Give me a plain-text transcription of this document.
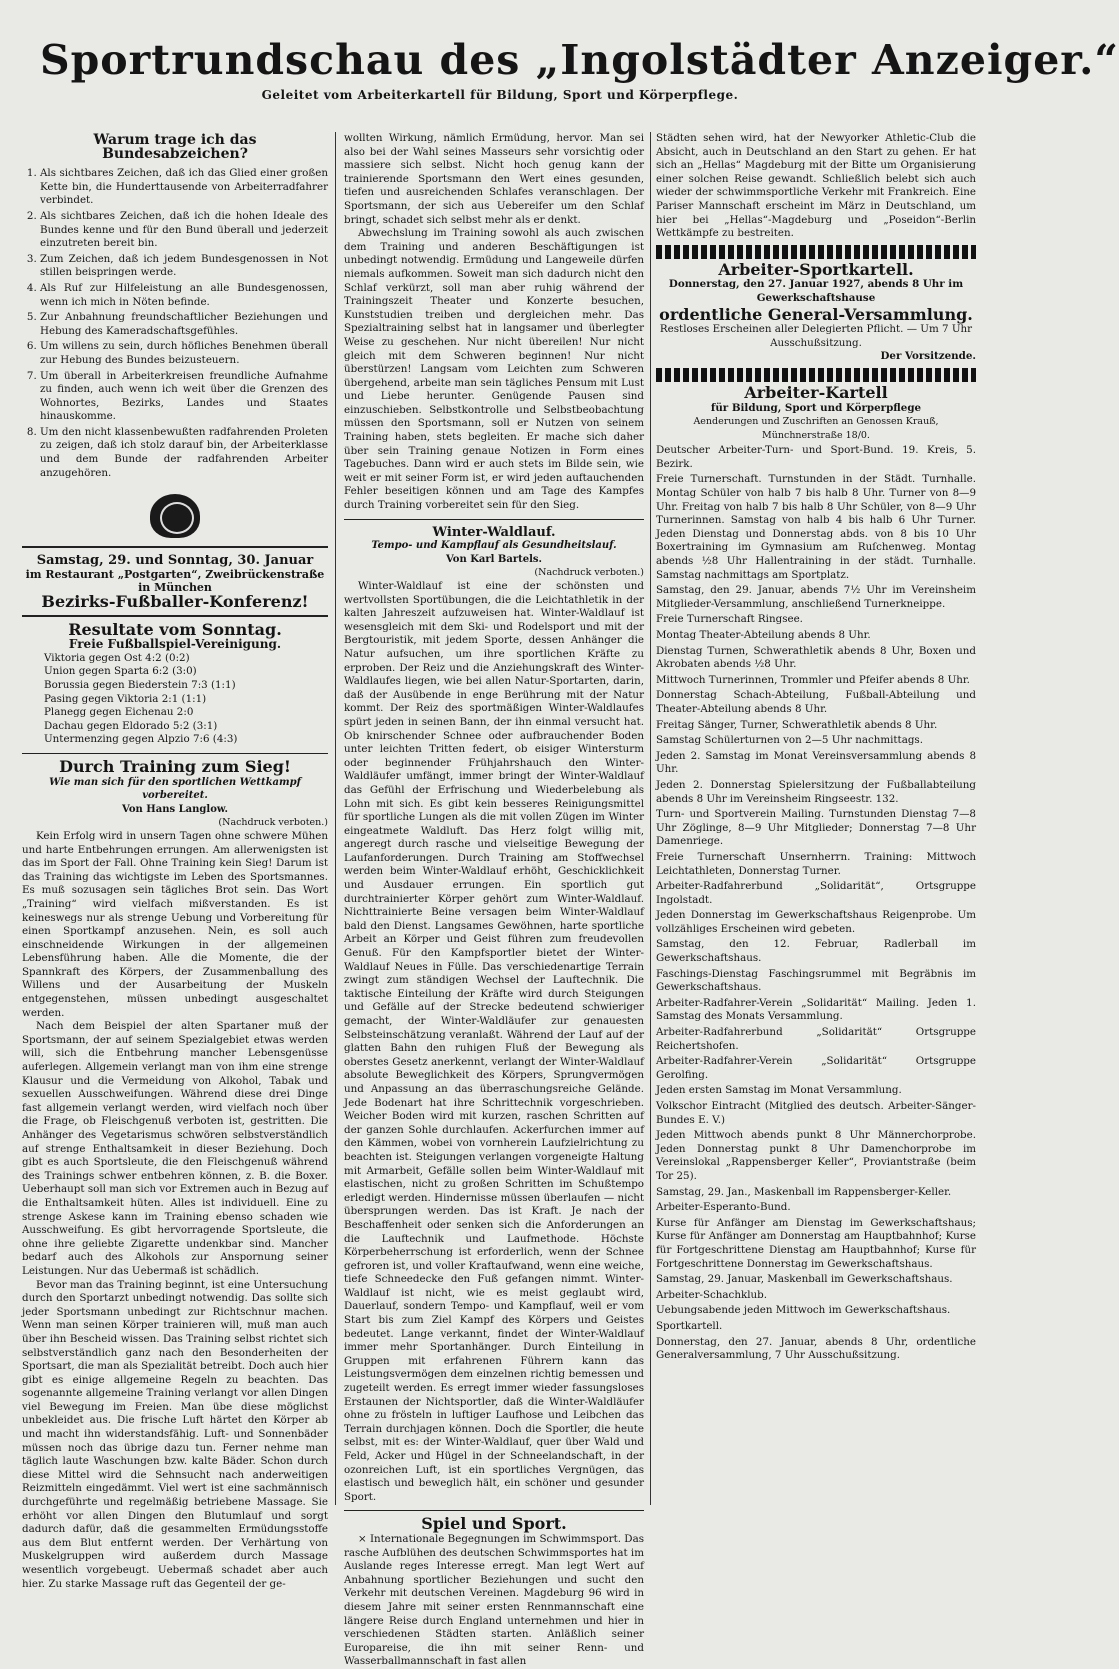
Sportrundschau des „Ingolstädter Anzeiger.“
Geleitet vom Arbeiterkartell für Bildung, Sport und Körperpflege.
Warum trage ich das Bundesabzeichen?
1. Als sichtbares Zeichen, daß ich das Glied einer großen Kette bin, die Hunderttausende von Arbeiterradfahrer verbindet.
2. Als sichtbares Zeichen, daß ich die hohen Ideale des Bundes kenne und für den Bund überall und jederzeit einzutreten bereit bin.
3. Zum Zeichen, daß ich jedem Bundesgenossen in Not stillen beispringen werde.
4. Als Ruf zur Hilfeleistung an alle Bundesgenossen, wenn ich mich in Nöten befinde.
5. Zur Anbahnung freundschaftlicher Beziehungen und Hebung des Kameradschaftsgefühles.
6. Um willens zu sein, durch höfliches Benehmen überall zur Hebung des Bundes beizusteuern.
7. Um überall in Arbeiterkreisen freundliche Aufnahme zu finden, auch wenn ich weit über die Grenzen des Wohnortes, Bezirks, Landes und Staates hinauskomme.
8. Um den nicht klassenbewußten radfahrenden Proleten zu zeigen, daß ich stolz darauf bin, der Arbeiterklasse und dem Bunde der radfahrenden Arbeiter anzugehören.
Samstag, 29. und Sonntag, 30. Januar
im Restaurant „Postgarten“, Zweibrückenstraße in München
Bezirks-Fußballer-Konferenz!
Resultate vom Sonntag.
Freie Fußballspiel-Vereinigung.
Viktoria gegen Ost 4:2 (0:2)
Union gegen Sparta 6:2 (3:0)
Borussia gegen Biederstein 7:3 (1:1)
Pasing gegen Viktoria 2:1 (1:1)
Planegg gegen Eichenau 2:0
Dachau gegen Eldorado 5:2 (3:1)
Untermenzing gegen Alpzio 7:6 (4:3)
Durch Training zum Sieg!
Wie man sich für den sportlichen Wettkampf vorbereitet.
Von Hans Langlow.
(Nachdruck verboten.)

Kein Erfolg wird in unsern Tagen ohne schwere Mühen und harte Entbehrungen errungen. Am allerwenigsten ist das im Sport der Fall. Ohne Training kein Sieg! Darum ist das Training das wichtigste im Leben des Sportsmannes. Es muß sozusagen sein tägliches Brot sein. Das Wort „Training“ wird vielfach mißverstanden. Es ist keineswegs nur als strenge Uebung und Vorbereitung für einen Sportkampf anzusehen. Nein, es soll auch einschneidende Wirkungen in der allgemeinen Lebensführung haben. Alle die Momente, die der Spannkraft des Körpers, der Zusammenballung des Willens und der Ausarbeitung der Muskeln entgegenstehen, müssen unbedingt ausgeschaltet werden.

Nach dem Beispiel der alten Spartaner muß der Sportsmann, der auf seinem Spezialgebiet etwas werden will, sich die Entbehrung mancher Lebensgenüsse auferlegen. Allgemein verlangt man von ihm eine strenge Klausur und die Vermeidung von Alkohol, Tabak und sexuellen Ausschweifungen. Während diese drei Dinge fast allgemein verlangt werden, wird vielfach noch über die Frage, ob Fleischgenuß verboten ist, gestritten. Die Anhänger des Vegetarismus schwören selbstverständlich auf strenge Enthaltsamkeit in dieser Beziehung. Doch gibt es auch Sportsleute, die den Fleischgenuß während des Trainings schwer entbehren können, z. B. die Boxer. Ueberhaupt soll man sich vor Extremen auch in Bezug auf die Enthaltsamkeit hüten. Alles ist individuell. Eine zu strenge Askese kann im Training ebenso schaden wie Ausschweifung. Es gibt hervorragende Sportsleute, die ohne ihre geliebte Zigarette undenkbar sind. Mancher bedarf auch des Alkohols zur Anspornung seiner Leistungen. Nur das Uebermaß ist schädlich.

Bevor man das Training beginnt, ist eine Untersuchung durch den Sportarzt unbedingt notwendig. Das sollte sich jeder Sportsmann unbedingt zur Richtschnur machen. Wenn man seinen Körper trainieren will, muß man auch über ihn Bescheid wissen. Das Training selbst richtet sich selbstverständlich ganz nach den Besonderheiten der Sportsart, die man als Spezialität betreibt. Doch auch hier gibt es einige allgemeine Regeln zu beachten. Das sogenannte allgemeine Training verlangt vor allen Dingen viel Bewegung im Freien. Man übe diese möglichst unbekleidet aus. Die frische Luft härtet den Körper ab und macht ihn widerstandsfähig. Luft- und Sonnenbäder müssen noch das übrige dazu tun. Ferner nehme man täglich laute Waschungen bzw. kalte Bäder. Schon durch diese Mittel wird die Sehnsucht nach anderweitigen Reizmitteln eingedämmt. Viel wert ist eine sachmännisch durchgeführte und regelmäßig betriebene Massage. Sie erhöht vor allen Dingen den Blutumlauf und sorgt dadurch dafür, daß die gesammelten Ermüdungsstoffe aus dem Blut entfernt werden. Der Verhärtung von Muskelgruppen wird außerdem durch Massage wesentlich vorgebeugt. Uebermaß schadet aber auch hier. Zu starke Massage ruft das Gegenteil der ge-

wollten Wirkung, nämlich Ermüdung, hervor. Man sei also bei der Wahl seines Masseurs sehr vorsichtig oder massiere sich selbst. Nicht hoch genug kann der trainierende Sportsmann den Wert eines gesunden, tiefen und ausreichenden Schlafes veranschlagen. Der Sportsmann, der sich aus Uebereifer um den Schlaf bringt, schadet sich selbst mehr als er denkt.

Abwechslung im Training sowohl als auch zwischen dem Training und anderen Beschäftigungen ist unbedingt notwendig. Ermüdung und Langeweile dürfen niemals aufkommen. Soweit man sich dadurch nicht den Schlaf verkürzt, soll man aber ruhig während der Trainingszeit Theater und Konzerte besuchen, Kunststudien treiben und dergleichen mehr. Das Spezialtraining selbst hat in langsamer und überlegter Weise zu geschehen. Nur nicht übereilen! Nur nicht gleich mit dem Schweren beginnen! Nur nicht überstürzen! Langsam vom Leichten zum Schweren übergehend, arbeite man sein tägliches Pensum mit Lust und Liebe herunter. Genügende Pausen sind einzuschieben. Selbstkontrolle und Selbstbeobachtung müssen den Sportsmann, soll er Nutzen von seinem Training haben, stets begleiten. Er mache sich daher über sein Training genaue Notizen in Form eines Tagebuches. Dann wird er auch stets im Bilde sein, wie weit er mit seiner Form ist, er wird jeden auftauchenden Fehler beseitigen können und am Tage des Kampfes durch Training vorbereitet sein für den Sieg.

Winter-Waldlauf.
Tempo- und Kampflauf als Gesundheitslauf.
Von Karl Bartels.
(Nachdruck verboten.)

Winter-Waldlauf ist eine der schönsten und wertvollsten Sportübungen, die die Leichtathletik in der kalten Jahreszeit aufzuweisen hat. Winter-Waldlauf ist wesensgleich mit dem Ski- und Rodelsport und mit der Bergtouristik, mit jedem Sporte, dessen Anhänger die Natur aufsuchen, um ihre sportlichen Kräfte zu erproben. Der Reiz und die Anziehungskraft des Winter-Waldlaufes liegen, wie bei allen Natur-Sportarten, darin, daß der Ausübende in enge Berührung mit der Natur kommt. Der Reiz des sportmäßigen Winter-Waldlaufes spürt jeden in seinen Bann, der ihn einmal versucht hat. Ob knirschender Schnee oder aufbrauchender Boden unter leichten Tritten federt, ob eisiger Wintersturm oder beginnender Frühjahrshauch den Winter-Waldläufer umfängt, immer bringt der Winter-Waldlauf das Gefühl der Erfrischung und Wiederbelebung als Lohn mit sich. Es gibt kein besseres Reinigungsmittel für sportliche Lungen als die mit vollen Zügen im Winter eingeatmete Waldluft. Das Herz folgt willig mit, angeregt durch rasche und vielseitige Bewegung der Laufanforderungen. Durch Training am Stoffwechsel werden beim Winter-Waldlauf erhöht, Geschicklichkeit und Ausdauer errungen. Ein sportlich gut durchtrainierter Körper gehört zum Winter-Waldlauf. Nichttrainierte Beine versagen beim Winter-Waldlauf bald den Dienst. Langsames Gewöhnen, harte sportliche Arbeit an Körper und Geist führen zum freudevollen Genuß. Für den Kampfsportler bietet der Winter-Waldlauf Neues in Fülle. Das verschiedenartige Terrain zwingt zum ständigen Wechsel der Lauftechnik. Die taktische Einteilung der Kräfte wird durch Steigungen und Gefälle auf der Strecke bedeutend schwieriger gemacht, der Winter-Waldläufer zur genauesten Selbsteinschätzung veranlaßt. Während der Lauf auf der glatten Bahn den ruhigen Fluß der Bewegung als oberstes Gesetz anerkennt, verlangt der Winter-Waldlauf absolute Beweglichkeit des Körpers, Sprungvermögen und Anpassung an das überraschungsreiche Gelände. Jede Bodenart hat ihre Schrittechnik vorgeschrieben. Weicher Boden wird mit kurzen, raschen Schritten auf der ganzen Sohle durchlaufen. Ackerfurchen immer auf den Kämmen, wobei von vornherein Laufzielrichtung zu beachten ist. Steigungen verlangen vorgeneigte Haltung mit Armarbeit, Gefälle sollen beim Winter-Waldlauf mit elastischen, nicht zu großen Schritten im Schußtempo erledigt werden. Hindernisse müssen überlaufen — nicht übersprungen werden. Das ist Kraft. Je nach der Beschaffenheit oder senken sich die Anforderungen an die Lauftechnik und Laufmethode. Höchste Körperbeherrschung ist erforderlich, wenn der Schnee gefroren ist, und voller Kraftaufwand, wenn eine weiche, tiefe Schneedecke den Fuß gefangen nimmt. Winter-Waldlauf ist nicht, wie es meist geglaubt wird, Dauerlauf, sondern Tempo- und Kampflauf, weil er vom Start bis zum Ziel Kampf des Körpers und Geistes bedeutet. Lange verkannt, findet der Winter-Waldlauf immer mehr Sportanhänger. Durch Einteilung in Gruppen mit erfahrenen Führern kann das Leistungsvermögen dem einzelnen richtig bemessen und zugeteilt werden. Es erregt immer wieder fassungsloses Erstaunen der Nichtsportler, daß die Winter-Waldläufer ohne zu frösteln in luftiger Laufhose und Leibchen das Terrain durchjagen können. Doch die Sportler, die heute selbst, mit es: der Winter-Waldlauf, quer über Wald und Feld, Acker und Hügel in der Schneelandschaft, in der ozonreichen Luft, ist ein sportliches Vergnügen, das elastisch und beweglich hält, ein schöner und gesunder Sport.

Spiel und Sport.

× Internationale Begegnungen im Schwimmsport. Das rasche Aufblühen des deutschen Schwimmsportes hat im Auslande reges Interesse erregt. Man legt Wert auf Anbahnung sportlicher Beziehungen und sucht den Verkehr mit deutschen Vereinen. Magdeburg 96 wird in diesem Jahre mit seiner ersten Rennmannschaft eine längere Reise durch England unternehmen und hier in verschiedenen Städten starten. Anläßlich seiner Europareise, die ihn mit seiner Renn- und Wasserballmannschaft in fast allen

Städten sehen wird, hat der Newyorker Athletic-Club die Absicht, auch in Deutschland an den Start zu gehen. Er hat sich an „Hellas“ Magdeburg mit der Bitte um Organisierung einer solchen Reise gewandt. Schließlich belebt sich auch wieder der schwimmsportliche Verkehr mit Frankreich. Eine Pariser Mannschaft erscheint im März in Deutschland, um hier bei „Hellas“-Magdeburg und „Poseidon“-Berlin Wettkämpfe zu bestreiten.

Arbeiter-Sportkartell.
Donnerstag, den 27. Januar 1927, abends 8 Uhr im Gewerkschaftshause
ordentliche General-Versammlung.
Restloses Erscheinen aller Delegierten Pflicht. — Um 7 Uhr Ausschußsitzung.
Der Vorsitzende.
Arbeiter-Kartell
für Bildung, Sport und Körperpflege
Aenderungen und Zuschriften an Genossen Krauß, Münchnerstraße 18/0.

Deutscher Arbeiter-Turn- und Sport-Bund. 19. Kreis, 5. Bezirk.

Freie Turnerschaft. Turnstunden in der Städt. Turnhalle. Montag Schüler von halb 7 bis halb 8 Uhr. Turner von 8—9 Uhr. Freitag von halb 7 bis halb 8 Uhr Schüler, von 8—9 Uhr Turnerinnen. Samstag von halb 4 bis halb 6 Uhr Turner. Jeden Dienstag und Donnerstag abds. von 8 bis 10 Uhr Boxertraining im Gymnasium am Ruſchenweg. Montag abends ½8 Uhr Hallentraining in der städt. Turnhalle. Samstag nachmittags am Sportplatz.

Samstag, den 29. Januar, abends 7½ Uhr im Vereinsheim Mitglieder-Versammlung, anschließend Turnerkneippe.

Freie Turnerschaft Ringsee.

Montag Theater-Abteilung abends 8 Uhr.

Dienstag Turnen, Schwerathletik abends 8 Uhr, Boxen und Akrobaten abends ½8 Uhr.

Mittwoch Turnerinnen, Trommler und Pfeifer abends 8 Uhr.

Donnerstag Schach-Abteilung, Fußball-Abteilung und Theater-Abteilung abends 8 Uhr.

Freitag Sänger, Turner, Schwerathletik abends 8 Uhr.

Samstag Schülerturnen von 2—5 Uhr nachmittags.

Jeden 2. Samstag im Monat Vereinsversammlung abends 8 Uhr.

Jeden 2. Donnerstag Spielersitzung der Fußballabteilung abends 8 Uhr im Vereinsheim Ringseestr. 132.

Turn- und Sportverein Mailing. Turnstunden Dienstag 7—8 Uhr Zöglinge, 8—9 Uhr Mitglieder; Donnerstag 7—8 Uhr Damenriege.

Freie Turnerschaft Unsernherrn. Training: Mittwoch Leichtathleten, Donnerstag Turner.

Arbeiter-Radfahrerbund „Solidarität“, Ortsgruppe Ingolstadt.

Jeden Donnerstag im Gewerkschaftshaus Reigenprobe. Um vollzähliges Erscheinen wird gebeten.

Samstag, den 12. Februar, Radlerball im Gewerkschaftshaus.

Faschings-Dienstag Faschingsrummel mit Begräbnis im Gewerkschaftshaus.

Arbeiter-Radfahrer-Verein „Solidarität“ Mailing. Jeden 1. Samstag des Monats Versammlung.

Arbeiter-Radfahrerbund „Solidarität“ Ortsgruppe Reichertshofen.

Arbeiter-Radfahrer-Verein „Solidarität“ Ortsgruppe Gerolfing.

Jeden ersten Samstag im Monat Versammlung.

Volkschor Eintracht (Mitglied des deutsch. Arbeiter-Sänger-Bundes E. V.)

Jeden Mittwoch abends punkt 8 Uhr Männerchorprobe. Jeden Donnerstag punkt 8 Uhr Damenchorprobe im Vereinslokal „Rappensberger Keller“, Proviantstraße (beim Tor 25).

Samstag, 29. Jan., Maskenball im Rappensberger-Keller.

Arbeiter-Esperanto-Bund.

Kurse für Anfänger am Dienstag im Gewerkschaftshaus; Kurse für Anfänger am Donnerstag am Hauptbahnhof; Kurse für Fortgeschrittene Dienstag am Hauptbahnhof; Kurse für Fortgeschrittene Donnerstag im Gewerkschaftshaus.

Samstag, 29. Januar, Maskenball im Gewerkschaftshaus.

Arbeiter-Schachklub.

Uebungsabende jeden Mittwoch im Gewerkschaftshaus.

Sportkartell.

Donnerstag, den 27. Januar, abends 8 Uhr, ordentliche Generalversammlung, 7 Uhr Ausschußsitzung.
